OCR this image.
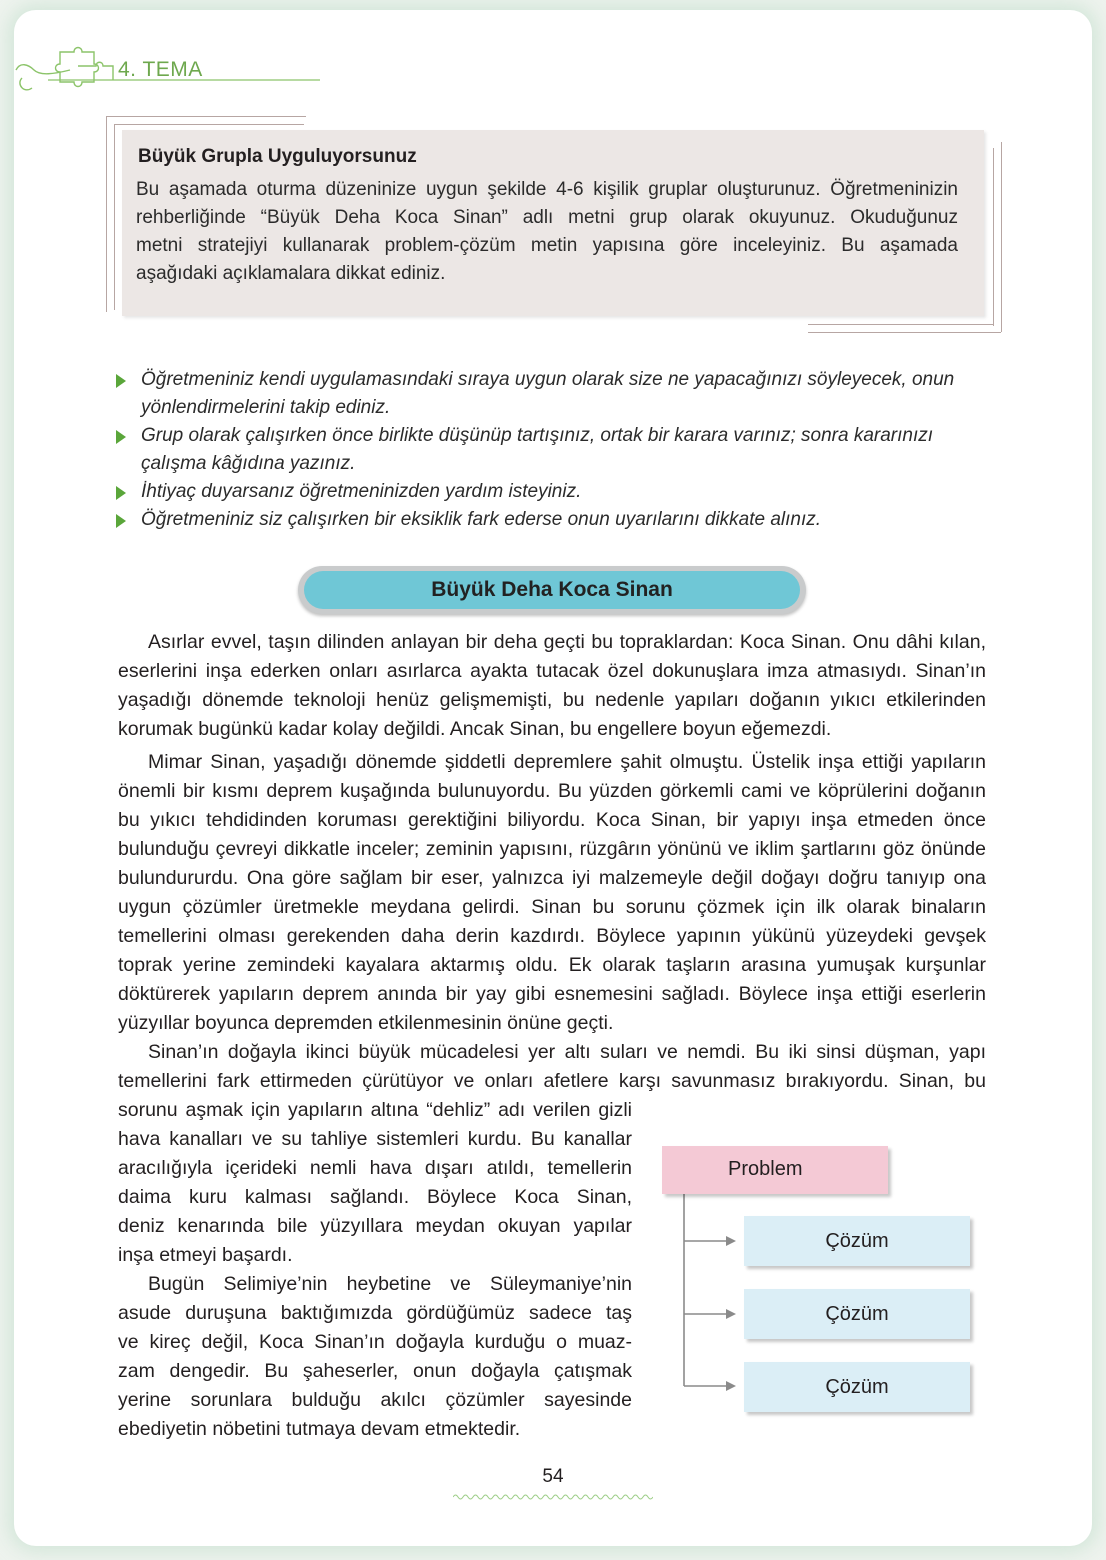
4. TEMA
Büyük Grupla Uyguluyorsunuz
Bu aşamada oturma düzeninize uygun şekilde 4-6 kişilik gruplar oluşturunuz. Öğretmeninizin
rehberliğinde “Büyük Deha Koca Sinan” adlı metni grup olarak okuyunuz. Okuduğunuz
metni stratejiyi kullanarak problem-çözüm metin yapısına göre inceleyiniz. Bu aşamada
aşağıdaki açıklamalara dikkat ediniz.
Öğretmeniniz kendi uygulamasındaki sıraya uygun olarak size ne yapacağınızı söyleyecek, onun yönlendirmelerini takip ediniz.
Grup olarak çalışırken önce birlikte düşünüp tartışınız, ortak bir karara varınız; sonra kararınızı çalışma kâğıdına yazınız.
İhtiyaç duyarsanız öğretmeninizden yardım isteyiniz.
Öğretmeniniz siz çalışırken bir eksiklik fark ederse onun uyarılarını dikkate alınız.
Büyük Deha Koca Sinan

Asırlar evvel, taşın dilinden anlayan bir deha geçti bu topraklardan: Koca Sinan. Onu dâhi kılan, eserlerini inşa ederken onları asırlarca ayakta tutacak özel dokunuşlara imza atmasıydı. Sinan’ın yaşadığı dönemde teknoloji henüz gelişmemişti, bu nedenle yapıları doğanın yıkıcı etkilerinden korumak bugünkü kadar kolay değildi. Ancak Sinan, bu engellere boyun eğemezdi.

Mimar Sinan, yaşadığı dönemde şiddetli depremlere şahit olmuştu. Üstelik inşa ettiği yapıların önemli bir kısmı deprem kuşağında bulunuyordu. Bu yüzden görkemli cami ve köprülerini doğanın bu yıkıcı tehdidinden koruması gerektiğini biliyordu. Koca Sinan, bir yapıyı inşa etmeden önce bulunduğu çevreyi dikkatle inceler; zeminin yapısını, rüzgârın yönünü ve iklim şartlarını göz önünde bulundururdu. Ona göre sağlam bir eser, yalnızca iyi malzemeyle değil doğayı doğru tanıyıp ona uygun çözümler üretmekle meydana gelirdi. Sinan bu sorunu çözmek için ilk olarak binaların temellerini olması gerekenden daha derin kazdırdı. Böylece yapının yükünü yüzeydeki gevşek toprak yerine zemindeki kayalara aktarmış oldu. Ek olarak taşların arasına yumuşak kurşunlar döktürerek yapıların deprem anında bir yay gibi esnemesini sağladı. Böylece inşa ettiği eserlerin yüzyıllar boyunca depremden etkilenmesinin önüne geçti.

Sinan’ın doğayla ikinci büyük mücadelesi yer altı suları ve nemdi. Bu iki sinsi düşman, yapı
temellerini fark ettirmeden çürütüyor ve onları afetlere karşı savunmasız bırakıyordu. Sinan, bu
sorunu aşmak için yapıların altına “dehliz” adı verilen gizli
hava kanalları ve su tahliye sistemleri kurdu. Bu kanallar
aracılığıyla içerideki nemli hava dışarı atıldı, temellerin
daima kuru kalması sağlandı. Böylece Koca Sinan,
deniz kenarında bile yüzyıllara meydan okuyan yapılar
inşa etmeyi başardı.
Bugün Selimiye’nin heybetine ve Süleymaniye’nin
asude duruşuna baktığımızda gördüğümüz sadece taş
ve kireç değil, Koca Sinan’ın doğayla kurduğu o muaz-
zam dengedir. Bu şaheserler, onun doğayla çatışmak
yerine sorunlara bulduğu akılcı çözümler sayesinde
ebediyetin nöbetini tutmaya devam etmektedir.
Problem
Çözüm
Çözüm
Çözüm
54
